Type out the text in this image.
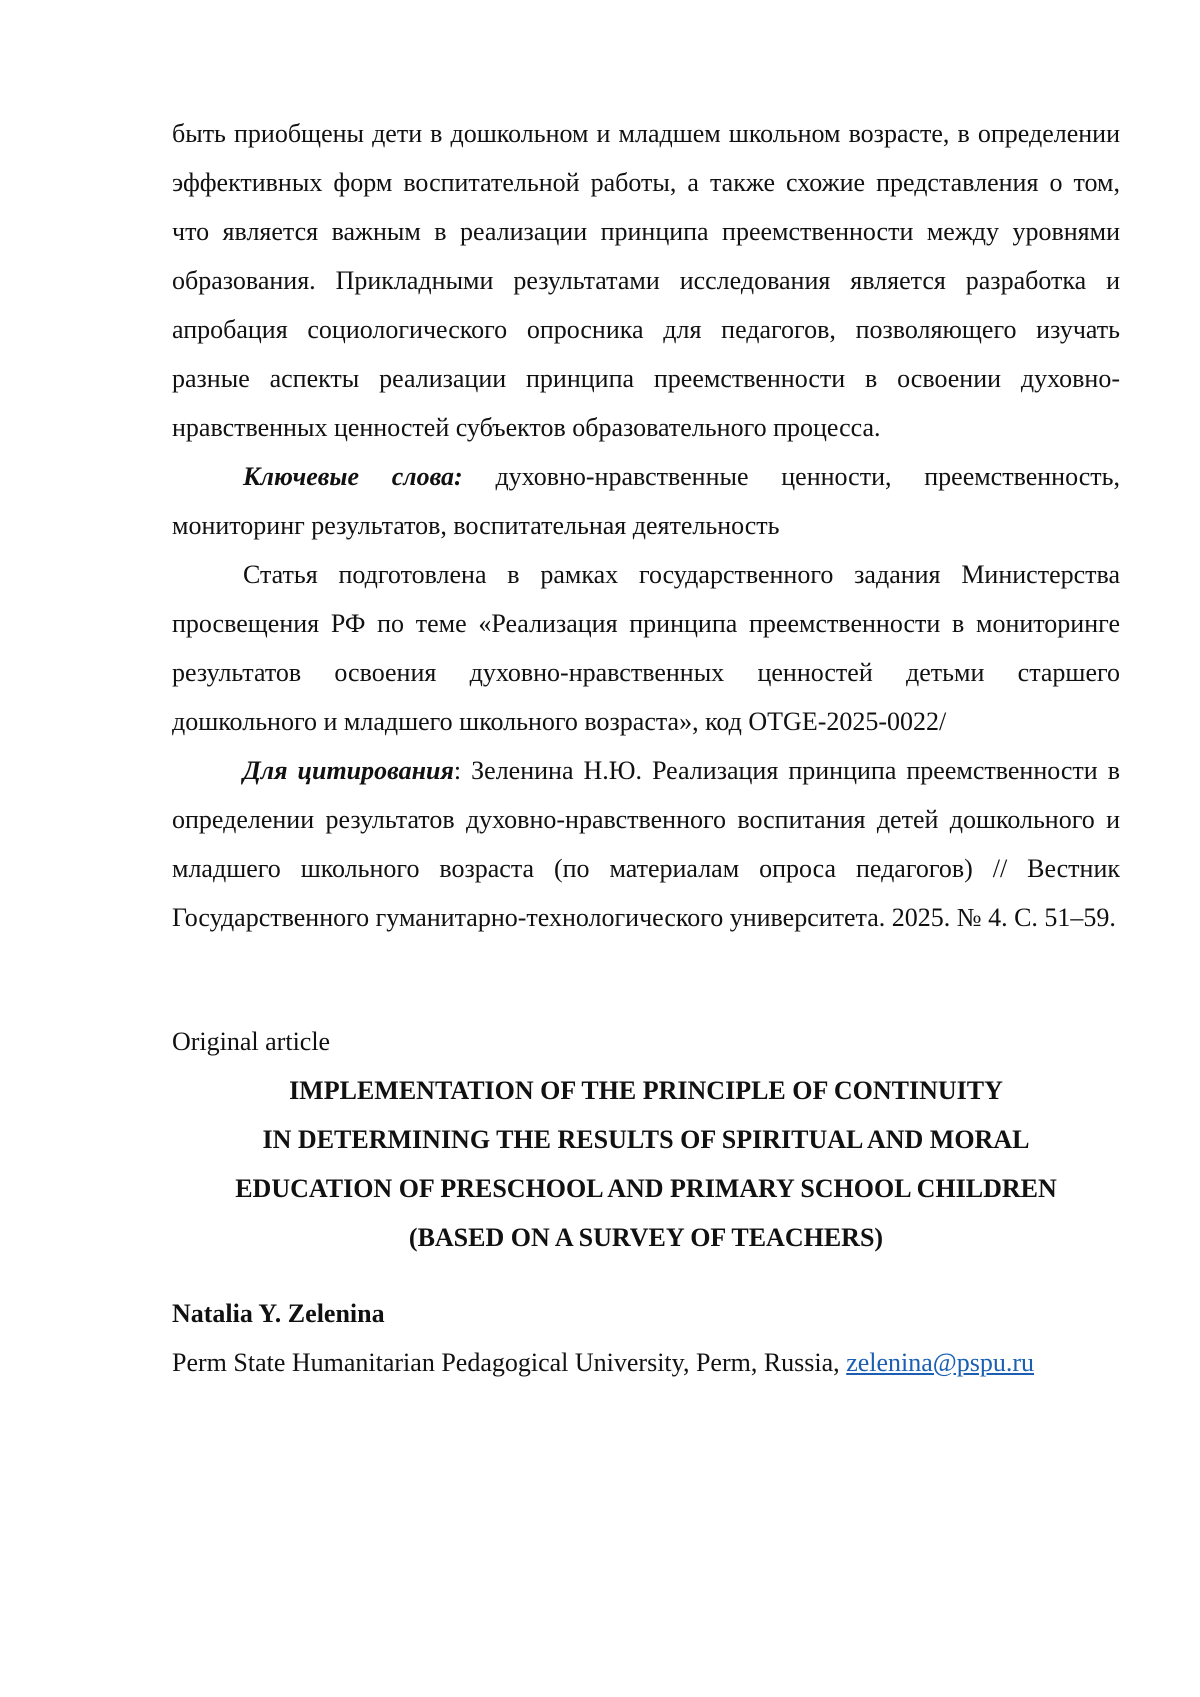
быть приобщены дети в дошкольном и младшем школьном возрасте, в определении эффективных форм воспитательной работы, а также схожие представления о том, что является важным в реализации принципа преемственности между уровнями образования. Прикладными результатами исследования является разработка и апробация социологического опросника для педагогов, позволяющего изучать разные аспекты реализации принципа преемственности в освоении духовно-нравственных ценностей субъектов образовательного процесса.

Ключевые слова: духовно-нравственные ценности, преемственность, мониторинг результатов, воспитательная деятельность

Статья подготовлена в рамках государственного задания Министерства просвещения РФ по теме «Реализация принципа преемственности в мониторинге результатов освоения духовно-нравственных ценностей детьми старшего дошкольного и младшего школьного возраста», код OTGE-2025-0022/

Для цитирования: Зеленина Н.Ю. Реализация принципа преемственности в определении результатов духовно-нравственного воспитания детей дошкольного и младшего школьного возраста (по материалам опроса педагогов) // Вестник Государственного гуманитарно-технологического университета. 2025. № 4. С. 51–59.

Original article

IMPLEMENTATION OF THE PRINCIPLE OF CONTINUITY
IN DETERMINING THE RESULTS OF SPIRITUAL AND MORAL
EDUCATION OF PRESCHOOL AND PRIMARY SCHOOL CHILDREN
(BASED ON A SURVEY OF TEACHERS)

Natalia Y. Zelenina

Perm State Humanitarian Pedagogical University, Perm, Russia, zelenina@pspu.ru
